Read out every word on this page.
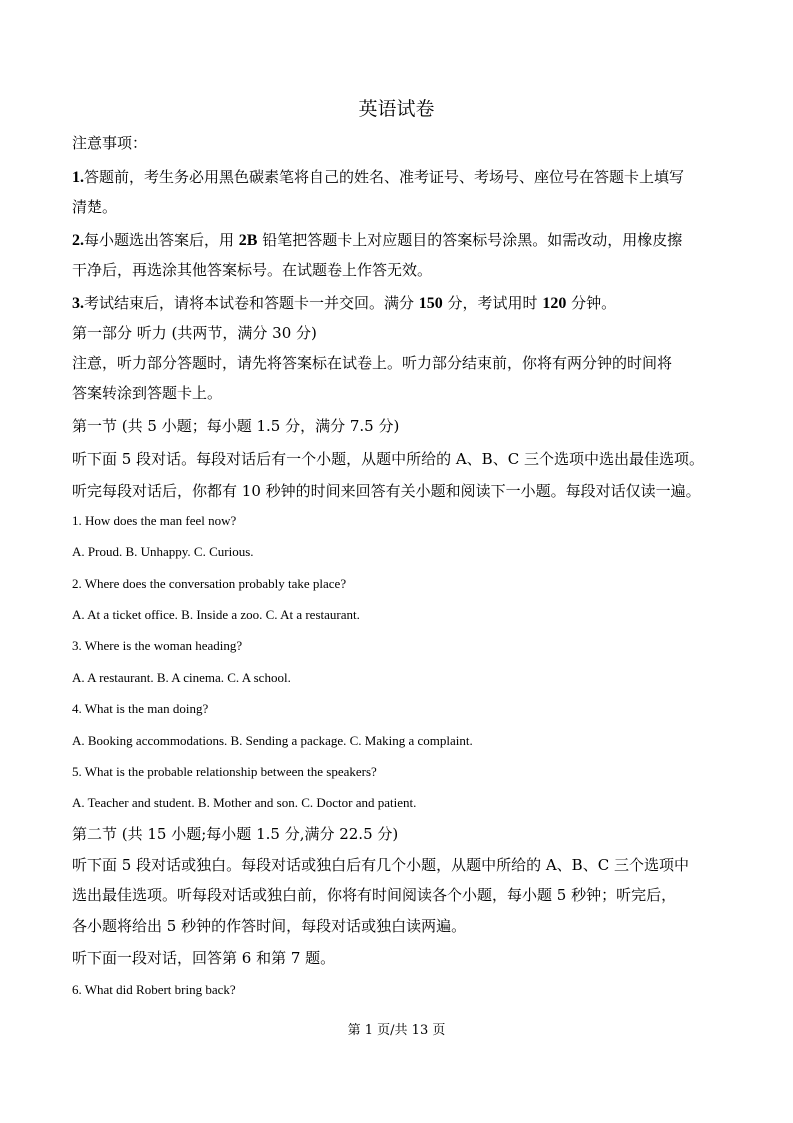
英语试卷
注意事项：
1.答题前，考生务必用黑色碳素笔将自己的姓名、准考证号、考场号、座位号在答题卡上填写
清楚。
2.每小题选出答案后，用 2B 铅笔把答题卡上对应题目的答案标号涂黑。如需改动，用橡皮擦
干净后，再选涂其他答案标号。在试题卷上作答无效。
3.考试结束后，请将本试卷和答题卡一并交回。满分 150 分，考试用时 120 分钟。
第一部分 听力 (共两节，满分 30 分)
注意，听力部分答题时，请先将答案标在试卷上。听力部分结束前，你将有两分钟的时间将
答案转涂到答题卡上。
第一节 (共 5 小题；每小题 1.5 分，满分 7.5 分)
听下面 5 段对话。每段对话后有一个小题，从题中所给的 A、B、C 三个选项中选出最佳选项。
听完每段对话后，你都有 10 秒钟的时间来回答有关小题和阅读下一小题。每段对话仅读一遍。
1. How does the man feel now?
A. Proud. B. Unhappy. C. Curious.
2. Where does the conversation probably take place?
A. At a ticket office. B. Inside a zoo. C. At a restaurant.
3. Where is the woman heading?
A. A restaurant. B. A cinema. C. A school.
4. What is the man doing?
A. Booking accommodations. B. Sending a package. C. Making a complaint.
5. What is the probable relationship between the speakers?
A. Teacher and student. B. Mother and son. C. Doctor and patient.
第二节 (共 15 小题;每小题 1.5 分,满分 22.5 分)
听下面 5 段对话或独白。每段对话或独白后有几个小题，从题中所给的 A、B、C 三个选项中
选出最佳选项。听每段对话或独白前，你将有时间阅读各个小题，每小题 5 秒钟；听完后，
各小题将给出 5 秒钟的作答时间，每段对话或独白读两遍。
听下面一段对话，回答第 6 和第 7 题。
6. What did Robert bring back?
第 1 页/共 13 页
